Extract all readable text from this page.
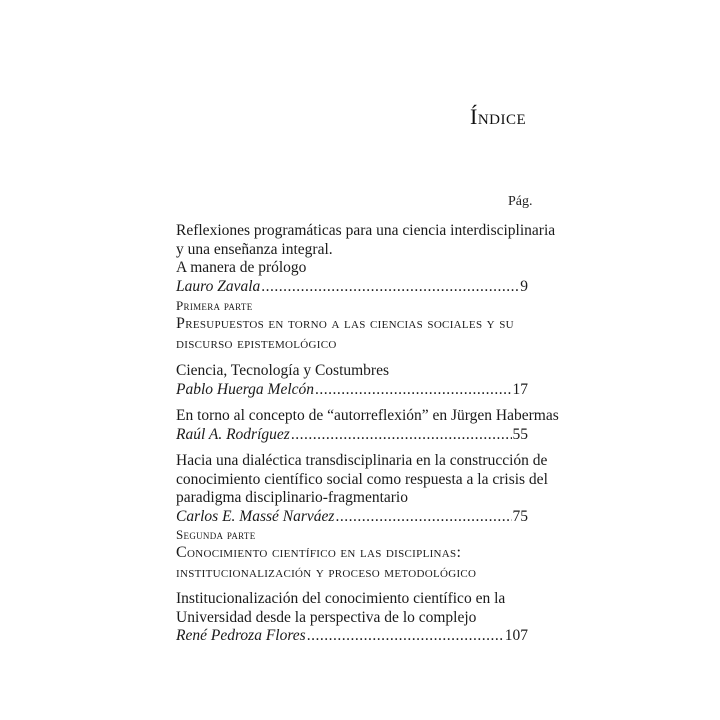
Índice
Pág.
Reflexiones programáticas para una ciencia interdisciplinaria
y una enseñanza integral.
A manera de prólogo
Lauro Zavala .....	9
Primera parte
Presupuestos en torno a las ciencias sociales y su
discurso epistemológico
Ciencia, Tecnología y Costumbres
Pablo Huerga Melcón .....	17
En torno al concepto de “autorreflexión” en Jürgen Habermas
Raúl A. Rodríguez .....	55
Hacia una dialéctica transdisciplinaria en la construcción de
conocimiento científico social como respuesta a la crisis del
paradigma disciplinario-fragmentario
Carlos E. Massé Narváez .....	75
Segunda parte
Conocimiento científico en las disciplinas:
institucionalización y proceso metodológico
Institucionalización del conocimiento científico en la
Universidad desde la perspectiva de lo complejo
René Pedroza Flores .....	107
